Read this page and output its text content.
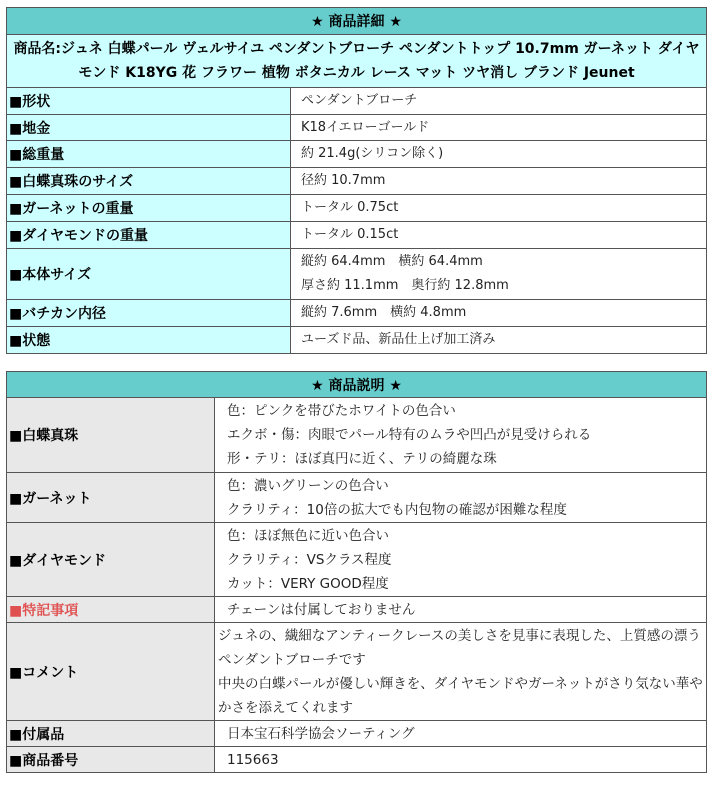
★ 商品詳細 ★	
商品名:ジュネ 白蝶パール ヴェルサイユ ペンダントブローチ ペンダントトップ 10.7mm ガーネット ダイヤモンド K18YG 花 フラワー 植物 ボタニカル レース マット ツヤ消し ブランド Jeunet	
■形状	ペンダントブローチ

■地金	K18イエローゴールド

■総重量	約 21.4g(シリコン除く)

■白蝶真珠のサイズ	径約 10.7mm

■ガーネットの重量	トータル 0.75ct

■ダイヤモンドの重量	トータル 0.15ct

■本体サイズ	縦約 64.4mm　横約 64.4mm
厚さ約 11.1mm　奥行約 12.8mm

■バチカン内径	縦約 7.6mm　横約 4.8mm

■状態	ユーズド品、新品仕上げ加工済み
★ 商品説明 ★	
■白蝶真珠	色：ピンクを帯びたホワイトの色合い
エクボ・傷：肉眼でパール特有のムラや凹凸が見受けられる
形・テリ：ほぼ真円に近く、テリの綺麗な珠

■ガーネット	色：濃いグリーンの色合い
クラリティ：10倍の拡大でも内包物の確認が困難な程度

■ダイヤモンド	色：ほぼ無色に近い色合い
クラリティ：VSクラス程度
カット：VERY GOOD程度

■特記事項	チェーンは付属しておりません

■コメント	ジュネの、繊細なアンティークレースの美しさを見事に表現した、上質感の漂うペンダントブローチです
中央の白蝶パールが優しい輝きを、ダイヤモンドやガーネットがさり気ない華やかさを添えてくれます

■付属品	日本宝石科学協会ソーティング

■商品番号	115663
